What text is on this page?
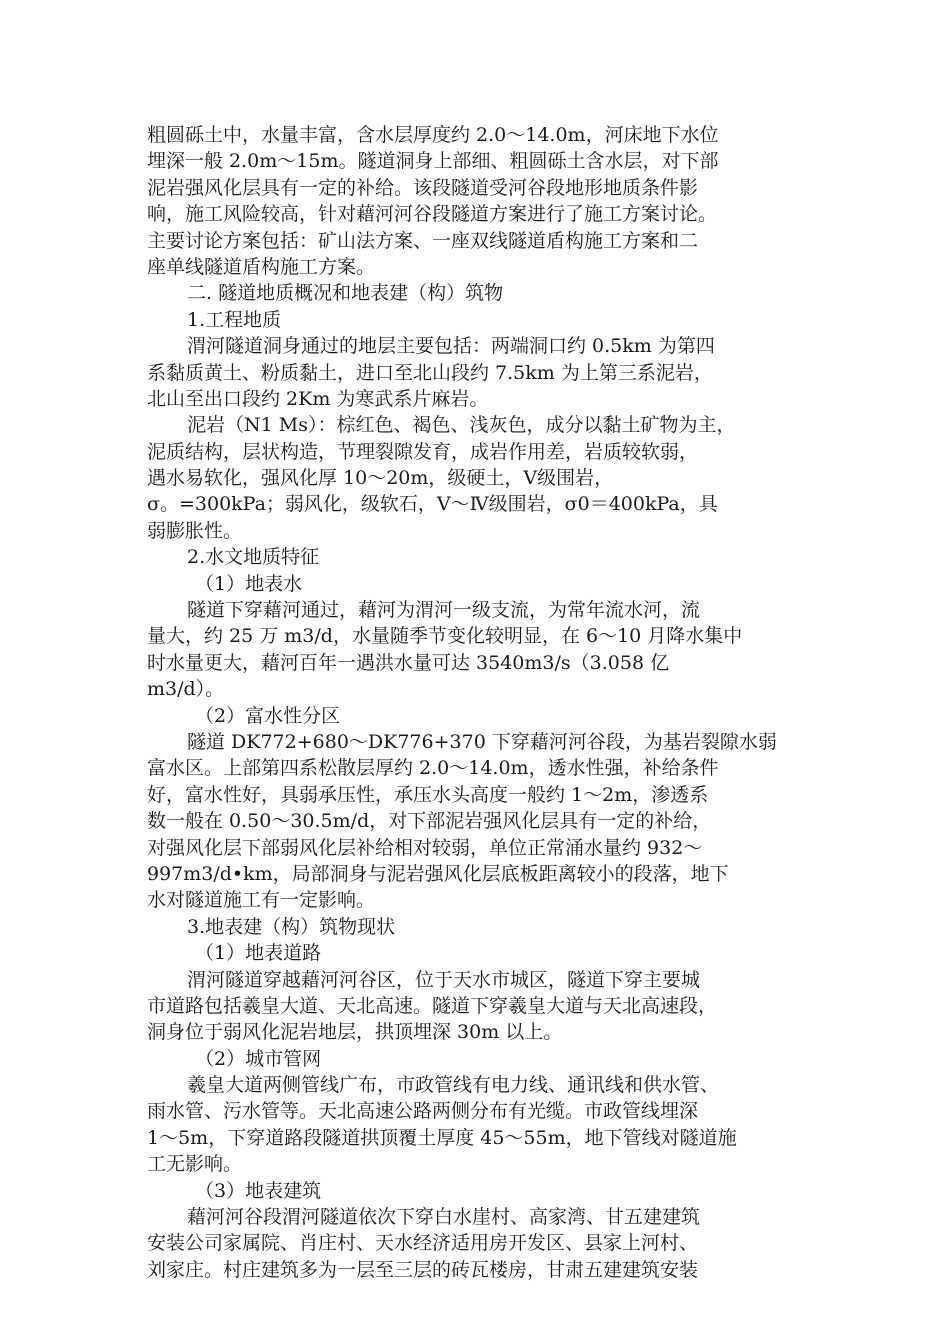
粗圆砾土中，水量丰富，含水层厚度约 2.0～14.0m，河床地下水位
埋深一般 2.0m～15m。隧道洞身上部细、粗圆砾土含水层，对下部
泥岩强风化层具有一定的补给。该段隧道受河谷段地形地质条件影
响，施工风险较高，针对藉河河谷段隧道方案进行了施工方案讨论。
主要讨论方案包括：矿山法方案、一座双线隧道盾构施工方案和二
座单线隧道盾构施工方案。
二. 隧道地质概况和地表建（构）筑物
1.工程地质
渭河隧道洞身通过的地层主要包括：两端洞口约 0.5km 为第四
系黏质黄土、粉质黏土，进口至北山段约 7.5km 为上第三系泥岩，
北山至出口段约 2Km 为寒武系片麻岩。
泥岩（N1 Ms）：棕红色、褐色、浅灰色，成分以黏土矿物为主，
泥质结构，层状构造，节理裂隙发育，成岩作用差，岩质较软弱，
遇水易软化，强风化厚 10～20m，级硬土，Ⅴ级围岩，
σ。=300kPa；弱风化，级软石，Ⅴ～Ⅳ级围岩，σ0＝400kPa，具
弱膨胀性。
2.水文地质特征
（1）地表水
隧道下穿藉河通过，藉河为渭河一级支流，为常年流水河，流
量大，约 25 万 m3/d，水量随季节变化较明显，在 6～10 月降水集中
时水量更大，藉河百年一遇洪水量可达 3540m3/s（3.058 亿
m3/d）。
（2）富水性分区
隧道 DK772+680～DK776+370 下穿藉河河谷段，为基岩裂隙水弱
富水区。上部第四系松散层厚约 2.0～14.0m，透水性强，补给条件
好，富水性好，具弱承压性，承压水头高度一般约 1～2m，渗透系
数一般在 0.50～30.5m/d，对下部泥岩强风化层具有一定的补给，
对强风化层下部弱风化层补给相对较弱，单位正常涌水量约 932～
997m3/d•km，局部洞身与泥岩强风化层底板距离较小的段落，地下
水对隧道施工有一定影响。
3.地表建（构）筑物现状
（1）地表道路
渭河隧道穿越藉河河谷区，位于天水市城区，隧道下穿主要城
市道路包括羲皇大道、天北高速。隧道下穿羲皇大道与天北高速段，
洞身位于弱风化泥岩地层，拱顶埋深 30m 以上。
（2）城市管网
羲皇大道两侧管线广布，市政管线有电力线、通讯线和供水管、
雨水管、污水管等。天北高速公路两侧分布有光缆。市政管线埋深
1～5m，下穿道路段隧道拱顶覆土厚度 45～55m，地下管线对隧道施
工无影响。
（3）地表建筑
藉河河谷段渭河隧道依次下穿白水崖村、高家湾、甘五建建筑
安装公司家属院、肖庄村、天水经济适用房开发区、县家上河村、
刘家庄。村庄建筑多为一层至三层的砖瓦楼房，甘肃五建建筑安装
